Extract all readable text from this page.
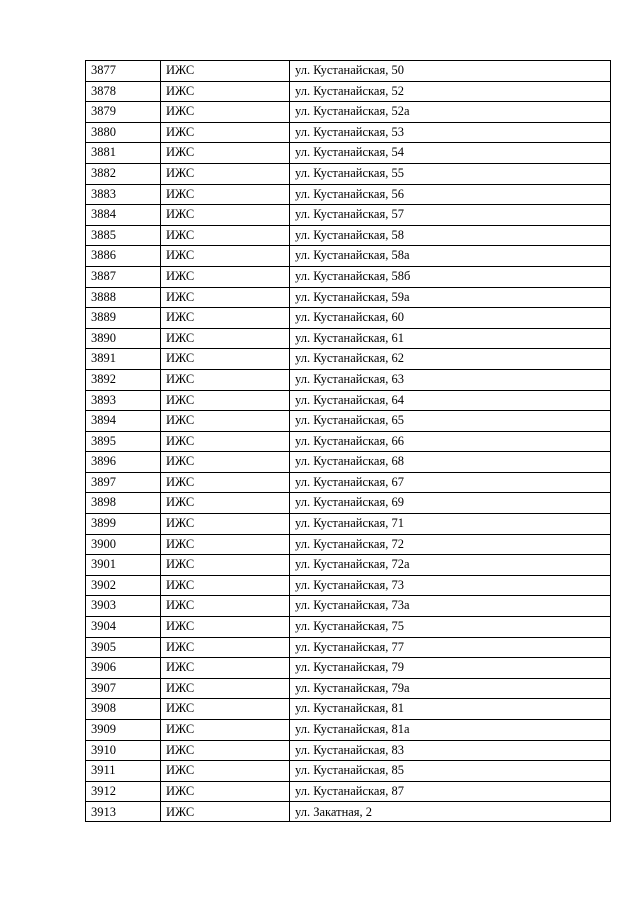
3877	ИЖС	ул. Кустанайская, 50
3878	ИЖС	ул. Кустанайская, 52
3879	ИЖС	ул. Кустанайская, 52а
3880	ИЖС	ул. Кустанайская, 53
3881	ИЖС	ул. Кустанайская, 54
3882	ИЖС	ул. Кустанайская, 55
3883	ИЖС	ул. Кустанайская, 56
3884	ИЖС	ул. Кустанайская, 57
3885	ИЖС	ул. Кустанайская, 58
3886	ИЖС	ул. Кустанайская, 58а
3887	ИЖС	ул. Кустанайская, 58б
3888	ИЖС	ул. Кустанайская, 59а
3889	ИЖС	ул. Кустанайская, 60
3890	ИЖС	ул. Кустанайская, 61
3891	ИЖС	ул. Кустанайская, 62
3892	ИЖС	ул. Кустанайская, 63
3893	ИЖС	ул. Кустанайская, 64
3894	ИЖС	ул. Кустанайская, 65
3895	ИЖС	ул. Кустанайская, 66
3896	ИЖС	ул. Кустанайская, 68
3897	ИЖС	ул. Кустанайская, 67
3898	ИЖС	ул. Кустанайская, 69
3899	ИЖС	ул. Кустанайская, 71
3900	ИЖС	ул. Кустанайская, 72
3901	ИЖС	ул. Кустанайская, 72а
3902	ИЖС	ул. Кустанайская, 73
3903	ИЖС	ул. Кустанайская, 73а
3904	ИЖС	ул. Кустанайская, 75
3905	ИЖС	ул. Кустанайская, 77
3906	ИЖС	ул. Кустанайская, 79
3907	ИЖС	ул. Кустанайская, 79а
3908	ИЖС	ул. Кустанайская, 81
3909	ИЖС	ул. Кустанайская, 81а
3910	ИЖС	ул. Кустанайская, 83
3911	ИЖС	ул. Кустанайская, 85
3912	ИЖС	ул. Кустанайская, 87
3913	ИЖС	ул. Закатная, 2
